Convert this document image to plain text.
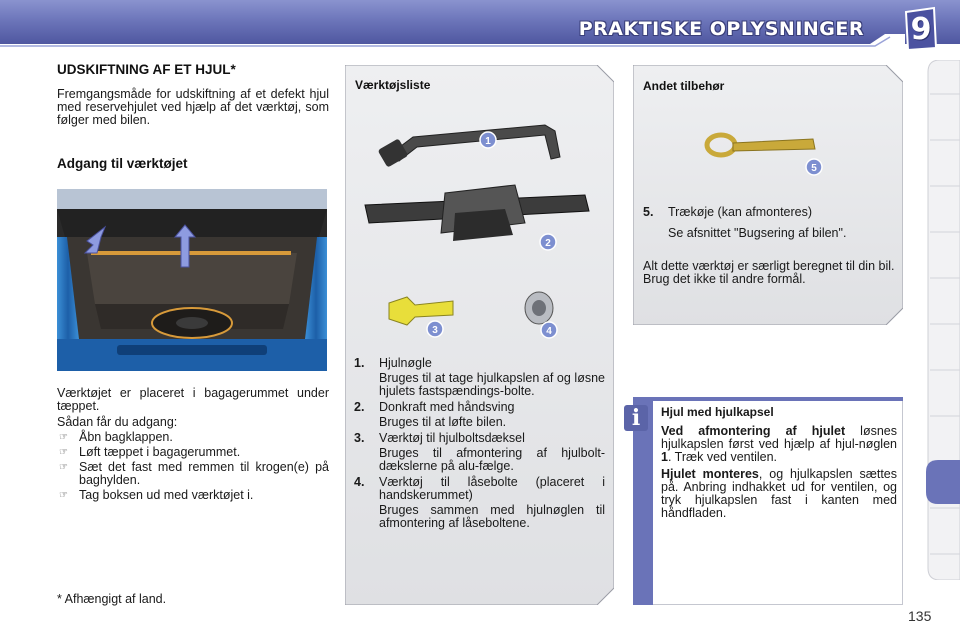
PRAKTISKE OPLYSNINGER 9
UDSKIFTNING AF ET HJUL*
Fremgangsmåde for udskiftning af et defekt hjul med reservehjulet ved hjælp af det værktøj, som følger med bilen.
Adgang til værktøjet
Værktøjet er placeret i bagagerummet under tæppet.
Sådan får du adgang:
☞ Åbn bagklappen.
☞ Løft tæppet i bagagerummet.
☞ Sæt det fast med remmen til krogen(e) på baghylden.
☞ Tag boksen ud med værktøjet i.
* Afhængigt af land.
1
2
3	4
Værktøjsliste
1.	Hjulnøgle
Bruges til at tage hjulkapslen af og løsne hjulets fastspændings-bolte.
2.	Donkraft med håndsving
Bruges til at løfte bilen.
3.	Værktøj til hjulboltsdæksel
Bruges til afmontering af hjulbolt-dækslerne på alu-fælge.
4.	Værktøj til låsebolte (placeret i handskerummet)
Bruges sammen med hjulnøglen til afmontering af låseboltene.
5
Andet tilbehør
5.	Trækøje (kan afmonteres)
Se afsnittet "Bugsering af bilen".
Alt dette værktøj er særligt beregnet til din bil. Brug det ikke til andre formål.
i	Hjul med hjulkapsel
Ved afmontering af hjulet løsnes hjulkapslen først ved hjælp af hjul-nøglen 1. Træk ved ventilen.
Hjulet monteres, og hjulkapslen sættes på. Anbring indhakket ud for ventilen, og tryk hjulkapslen fast i kanten med håndfladen.
135
